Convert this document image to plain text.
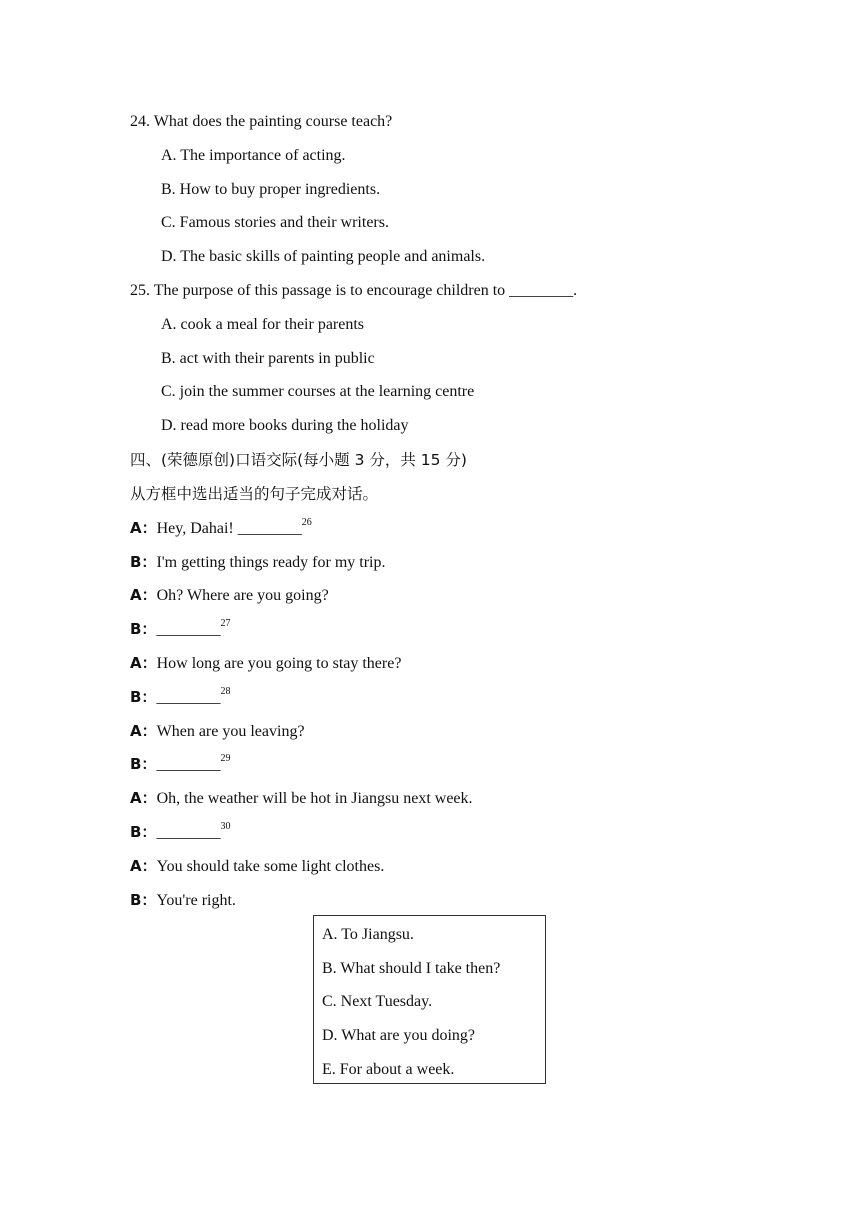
24. What does the painting course teach?
A. The importance of acting.
B. How to buy proper ingredients.
C. Famous stories and their writers.
D. The basic skills of painting people and animals.
25. The purpose of this passage is to encourage children to ________.
A. cook a meal for their parents
B. act with their parents in public
C. join the summer courses at the learning centre
D. read more books during the holiday
四、(荣德原创)口语交际(每小题 3 分，共 15 分)
从方框中选出适当的句子完成对话。
A：Hey, Dahai! ________$^{26}$
B：I'm getting things ready for my trip.
A：Oh? Where are you going?
B：________$^{27}$
A：How long are you going to stay there?
B：________$^{28}$
A：When are you leaving?
B：________$^{29}$
A：Oh, the weather will be hot in Jiangsu next week.
B：________$^{30}$
A：You should take some light clothes.
B：You're right.
A. To Jiangsu.
B. What should I take then?
C. Next Tuesday.
D. What are you doing?
E. For about a week.
